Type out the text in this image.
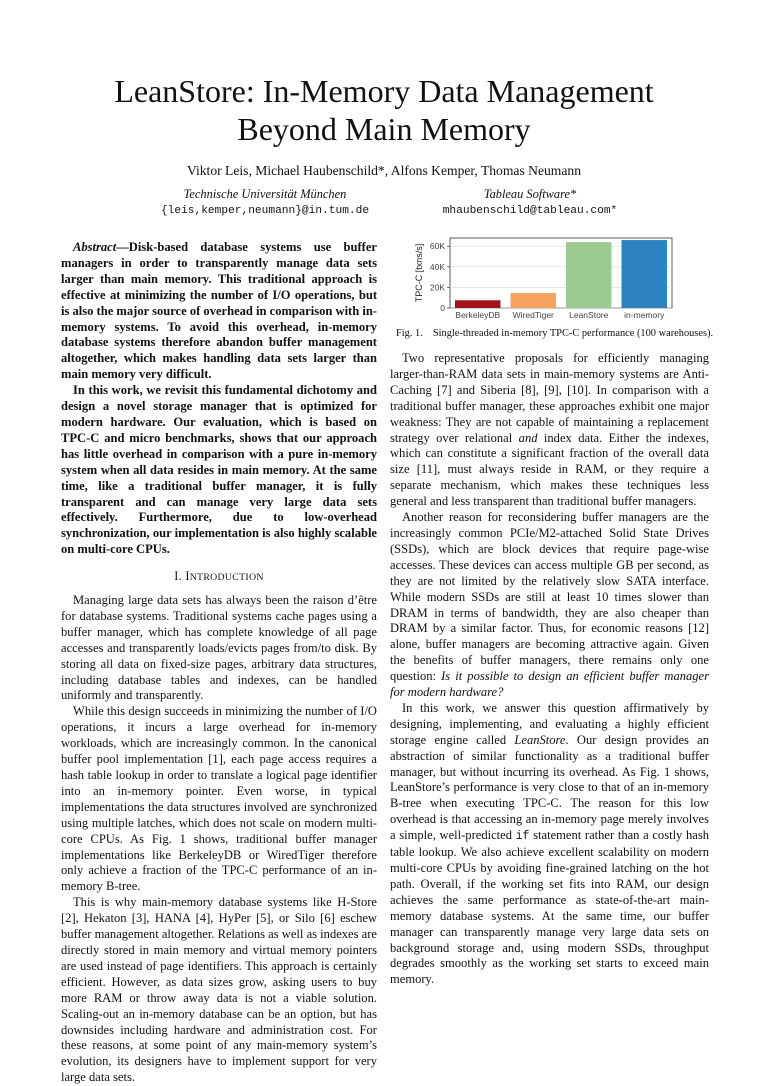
LeanStore: In-Memory Data Management
Beyond Main Memory
Viktor Leis, Michael Haubenschild*, Alfons Kemper, Thomas Neumann
Technische Universität München
{leis,kemper,neumann}@in.tum.de
Tableau Software*
mhaubenschild@tableau.com*

Abstract—Disk-based database systems use buffer managers in order to transparently manage data sets larger than main memory. This traditional approach is effective at minimizing the number of I/O operations, but is also the major source of overhead in comparison with in-memory systems. To avoid this overhead, in-memory database systems therefore abandon buffer management altogether, which makes handling data sets larger than main memory very difficult.

In this work, we revisit this fundamental dichotomy and design a novel storage manager that is optimized for modern hardware. Our evaluation, which is based on TPC-C and micro benchmarks, shows that our approach has little overhead in comparison with a pure in-memory system when all data resides in main memory. At the same time, like a traditional buffer manager, it is fully transparent and can manage very large data sets effectively. Furthermore, due to low-overhead synchronization, our implementation is also highly scalable on multi-core CPUs.

I. INTRODUCTION

Managing large data sets has always been the raison d’être for database systems. Traditional systems cache pages using a buffer manager, which has complete knowledge of all page accesses and transparently loads/evicts pages from/to disk. By storing all data on fixed-size pages, arbitrary data structures, including database tables and indexes, can be handled uniformly and transparently.

While this design succeeds in minimizing the number of I/O operations, it incurs a large overhead for in-memory workloads, which are increasingly common. In the canonical buffer pool implementation [1], each page access requires a hash table lookup in order to translate a logical page identifier into an in-memory pointer. Even worse, in typical implementations the data structures involved are synchronized using multiple latches, which does not scale on modern multi-core CPUs. As Fig. 1 shows, traditional buffer manager implementations like BerkeleyDB or WiredTiger therefore only achieve a fraction of the TPC-C performance of an in-memory B-tree.

This is why main-memory database systems like H-Store [2], Hekaton [3], HANA [4], HyPer [5], or Silo [6] eschew buffer management altogether. Relations as well as indexes are directly stored in main memory and virtual memory pointers are used instead of page identifiers. This approach is certainly efficient. However, as data sizes grow, asking users to buy more RAM or throw away data is not a viable solution. Scaling-out an in-memory database can be an option, but has downsides including hardware and administration cost. For these reasons, at some point of any main-memory system’s evolution, its designers have to implement support for very large data sets.

0
20K
40K
60K
BerkeleyDB WiredTiger LeanStore in-memory
TPC-C [txns/s]
Fig. 1. Single-threaded in-memory TPC-C performance (100 warehouses).

Two representative proposals for efficiently managing larger-than-RAM data sets in main-memory systems are Anti-Caching [7] and Siberia [8], [9], [10]. In comparison with a traditional buffer manager, these approaches exhibit one major weakness: They are not capable of maintaining a replacement strategy over relational and index data. Either the indexes, which can constitute a significant fraction of the overall data size [11], must always reside in RAM, or they require a separate mechanism, which makes these techniques less general and less transparent than traditional buffer managers.

Another reason for reconsidering buffer managers are the increasingly common PCIe/M2-attached Solid State Drives (SSDs), which are block devices that require page-wise accesses. These devices can access multiple GB per second, as they are not limited by the relatively slow SATA interface. While modern SSDs are still at least 10 times slower than DRAM in terms of bandwidth, they are also cheaper than DRAM by a similar factor. Thus, for economic reasons [12] alone, buffer managers are becoming attractive again. Given the benefits of buffer managers, there remains only one question: Is it possible to design an efficient buffer manager for modern hardware?

In this work, we answer this question affirmatively by designing, implementing, and evaluating a highly efficient storage engine called LeanStore. Our design provides an abstraction of similar functionality as a traditional buffer manager, but without incurring its overhead. As Fig. 1 shows, LeanStore’s performance is very close to that of an in-memory B-tree when executing TPC-C. The reason for this low overhead is that accessing an in-memory page merely involves a simple, well-predicted if statement rather than a costly hash table lookup. We also achieve excellent scalability on modern multi-core CPUs by avoiding fine-grained latching on the hot path. Overall, if the working set fits into RAM, our design achieves the same performance as state-of-the-art main-memory database systems. At the same time, our buffer manager can transparently manage very large data sets on background storage and, using modern SSDs, throughput degrades smoothly as the working set starts to exceed main memory.
